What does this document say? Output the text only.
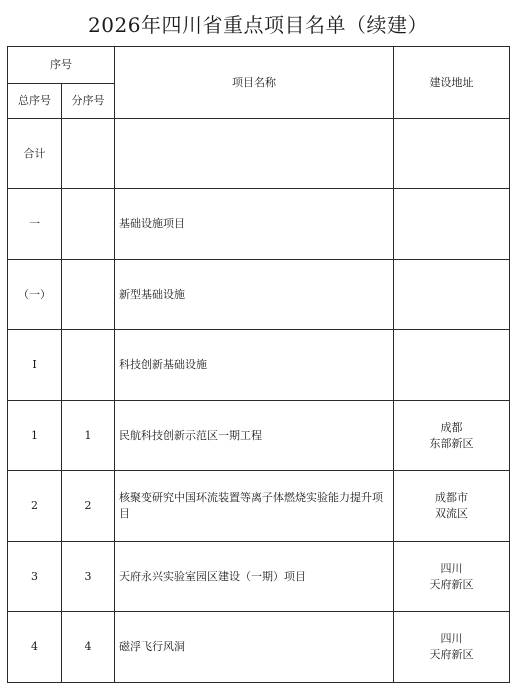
2026年四川省重点项目名单（续建）
序号		项目名称	建设地址
总序号	分序号		
合计			

一		基础设施项目	

（一）		新型基础设施	

I		科技创新基础设施	

1	1	民航科技创新示范区一期工程	成都
东部新区

2	2	核聚变研究中国环流装置等离子体燃烧实验能力提升项目	成都市
双流区

3	3	天府永兴实验室园区建设（一期）项目	四川
天府新区

4	4	磁浮飞行风洞	四川
天府新区
